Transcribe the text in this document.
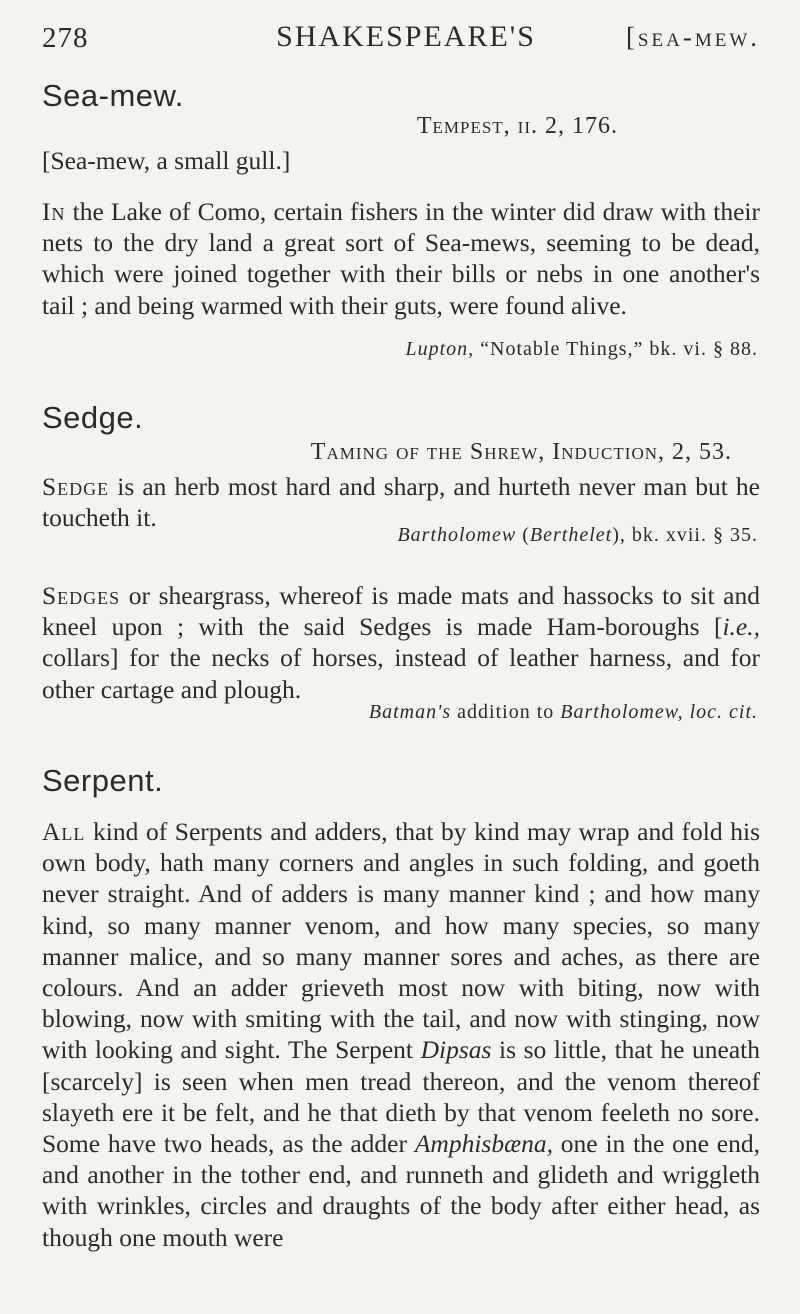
278	SHAKESPEARE'S	[sea-mew.
Sea-mew.
Tempest, ii. 2, 176.

[Sea-mew, a small gull.]

In the Lake of Como, certain fishers in the winter did draw with their nets to the dry land a great sort of Sea-mews, seeming to be dead, which were joined together with their bills or nebs in one another's tail ; and being warmed with their guts, were found alive.

Lupton, “Notable Things,” bk. vi. § 88.

Sedge.
Taming of the Shrew, Induction, 2, 53.

Sedge is an herb most hard and sharp, and hurteth never man but he toucheth it.

Bartholomew (Berthelet), bk. xvii. § 35.

Sedges or sheargrass, whereof is made mats and hassocks to sit and kneel upon ; with the said Sedges is made Ham‑boroughs [i.e., collars] for the necks of horses, instead of leather harness, and for other cartage and plough.

Batman's addition to Bartholomew, loc. cit.

Serpent.

All kind of Serpents and adders, that by kind may wrap and fold his own body, hath many corners and angles in such folding, and goeth never straight. And of adders is many manner kind ; and how many kind, so many manner venom, and how many species, so many manner malice, and so many manner sores and aches, as there are colours. And an adder grieveth most now with biting, now with blowing, now with smiting with the tail, and now with stinging, now with looking and sight. The Serpent Dipsas is so little, that he uneath [scarcely] is seen when men tread thereon, and the venom thereof slayeth ere it be felt, and he that dieth by that venom feeleth no sore. Some have two heads, as the adder Amphisbæna, one in the one end, and another in the tother end, and runneth and glideth and wriggleth with wrinkles, circles and draughts of the body after either head, as though one mouth were
